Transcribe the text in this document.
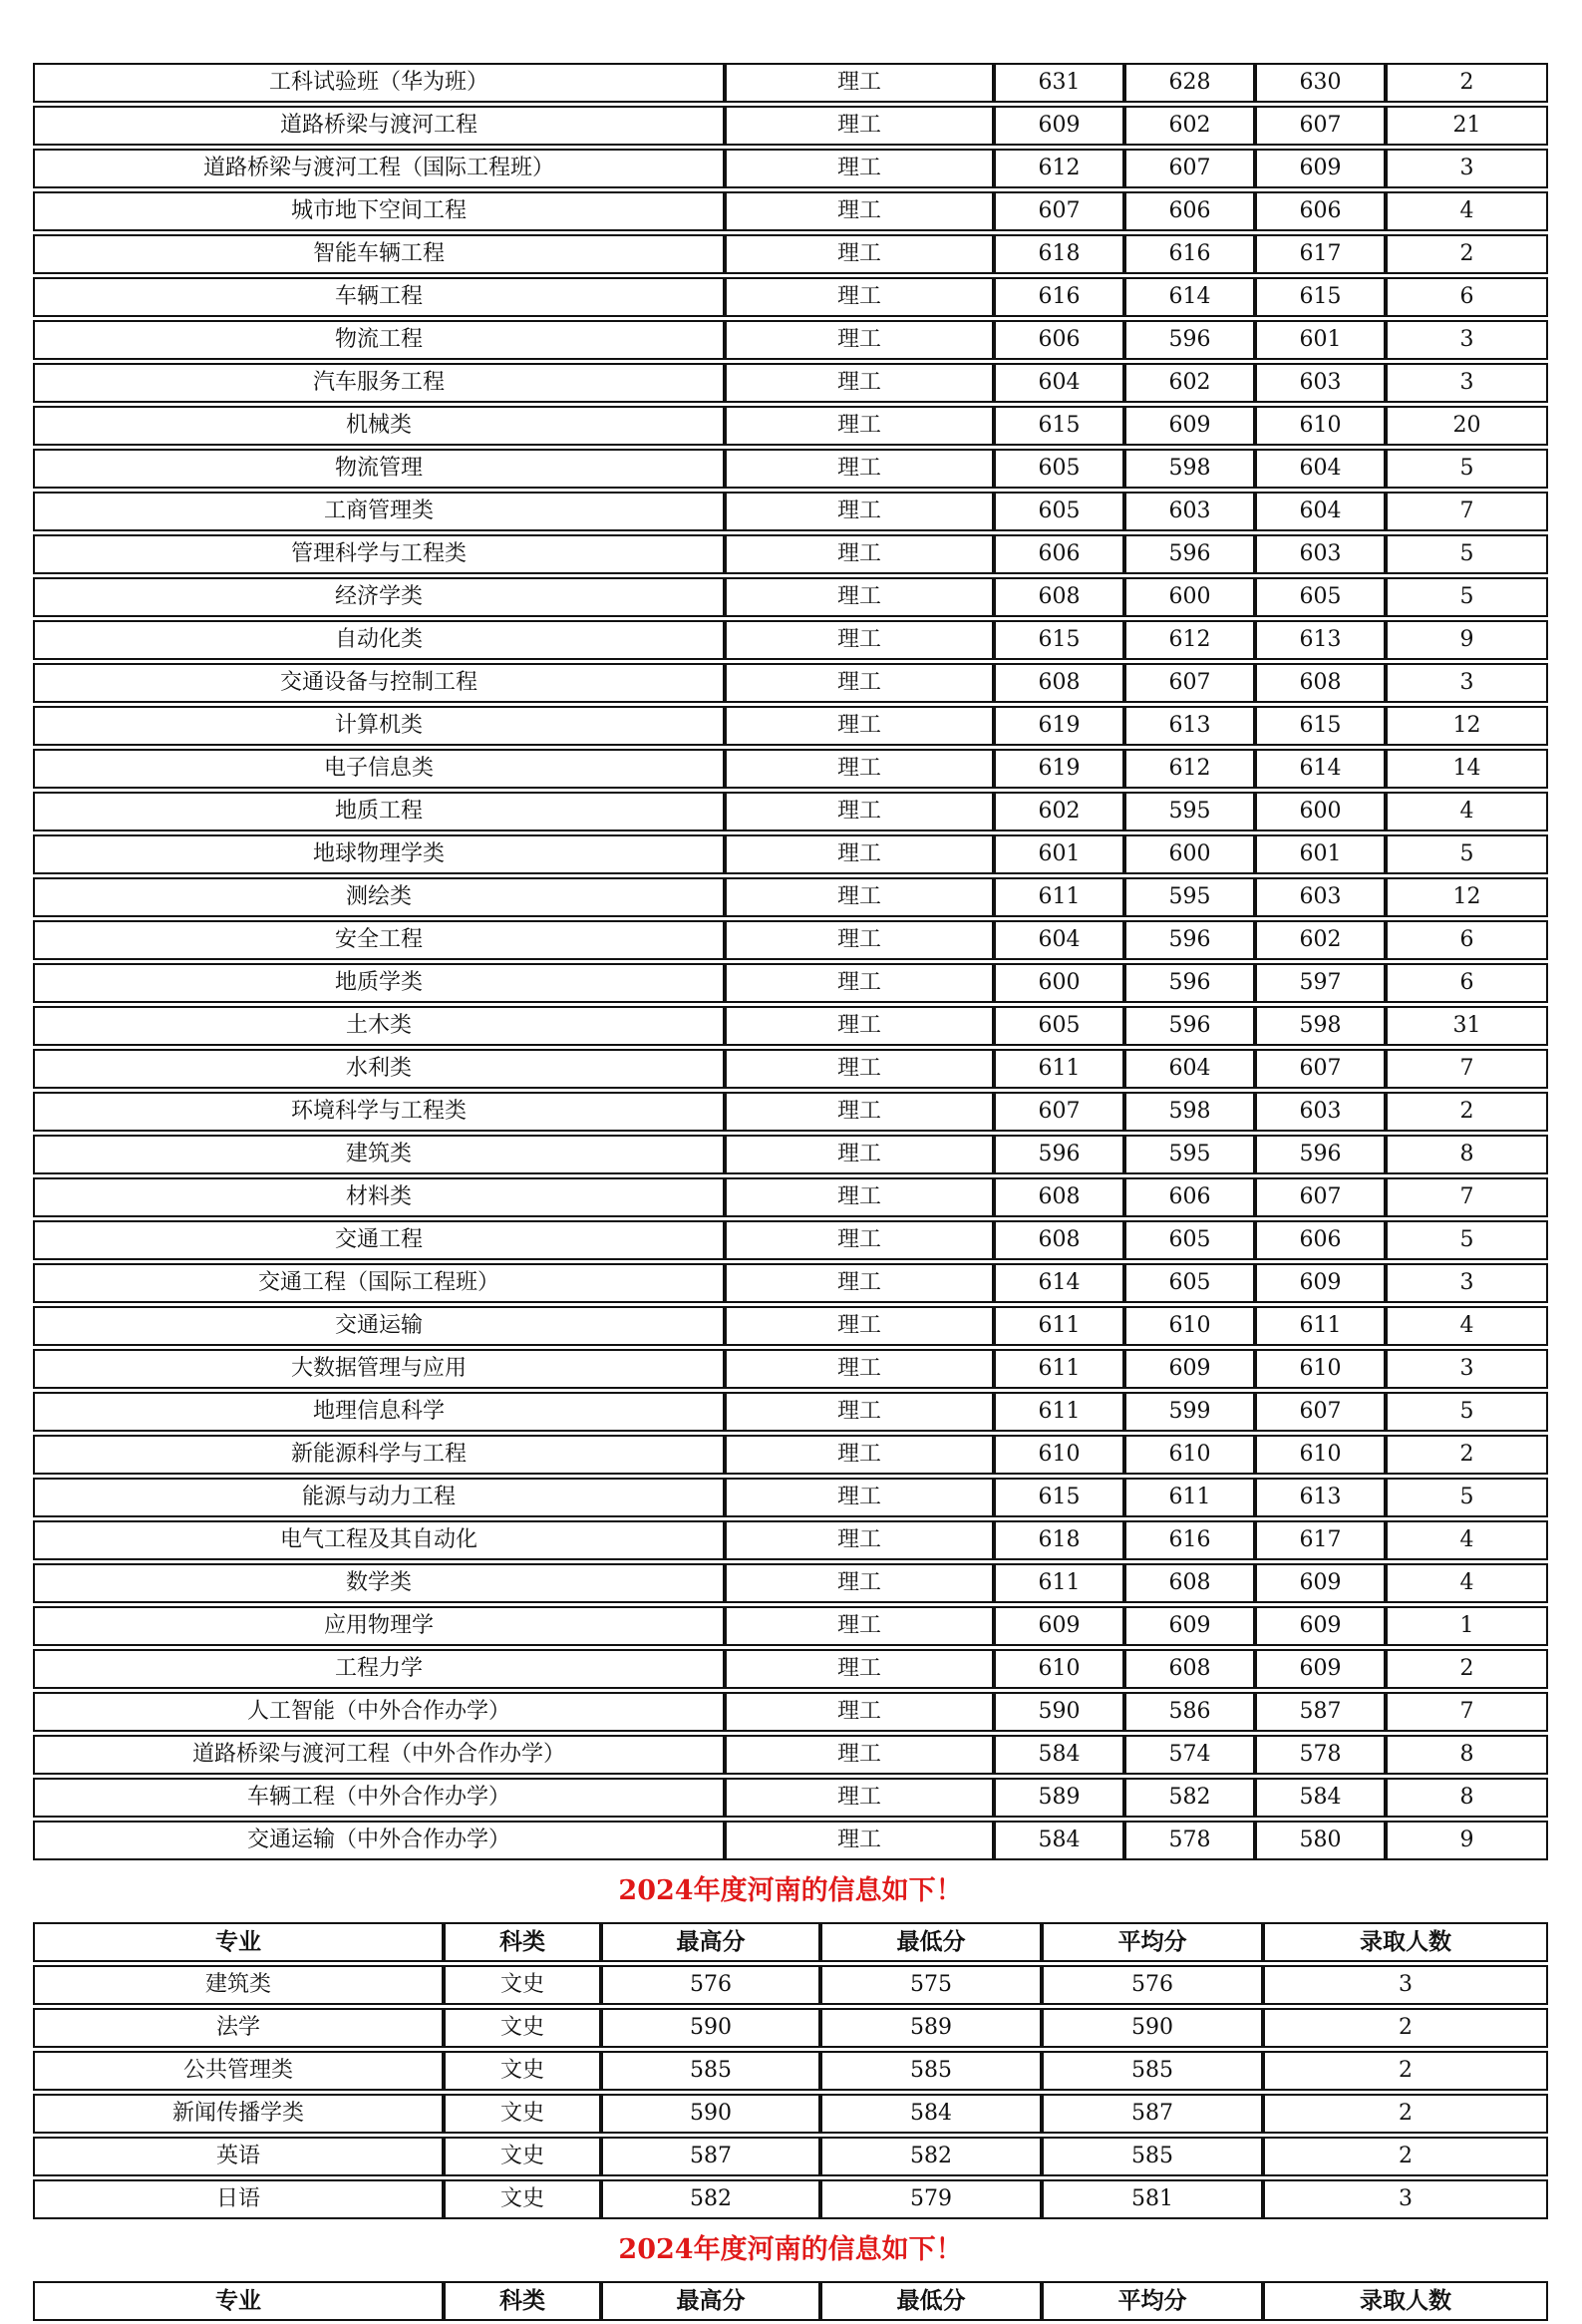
工科试验班（华为班）	理工	631	628	630	2
道路桥梁与渡河工程	理工	609	602	607	21
道路桥梁与渡河工程（国际工程班）	理工	612	607	609	3
城市地下空间工程	理工	607	606	606	4
智能车辆工程	理工	618	616	617	2
车辆工程	理工	616	614	615	6
物流工程	理工	606	596	601	3
汽车服务工程	理工	604	602	603	3
机械类	理工	615	609	610	20
物流管理	理工	605	598	604	5
工商管理类	理工	605	603	604	7
管理科学与工程类	理工	606	596	603	5
经济学类	理工	608	600	605	5
自动化类	理工	615	612	613	9
交通设备与控制工程	理工	608	607	608	3
计算机类	理工	619	613	615	12
电子信息类	理工	619	612	614	14
地质工程	理工	602	595	600	4
地球物理学类	理工	601	600	601	5
测绘类	理工	611	595	603	12
安全工程	理工	604	596	602	6
地质学类	理工	600	596	597	6
土木类	理工	605	596	598	31
水利类	理工	611	604	607	7
环境科学与工程类	理工	607	598	603	2
建筑类	理工	596	595	596	8
材料类	理工	608	606	607	7
交通工程	理工	608	605	606	5
交通工程（国际工程班）	理工	614	605	609	3
交通运输	理工	611	610	611	4
大数据管理与应用	理工	611	609	610	3
地理信息科学	理工	611	599	607	5
新能源科学与工程	理工	610	610	610	2
能源与动力工程	理工	615	611	613	5
电气工程及其自动化	理工	618	616	617	4
数学类	理工	611	608	609	4
应用物理学	理工	609	609	609	1
工程力学	理工	610	608	609	2
人工智能（中外合作办学）	理工	590	586	587	7
道路桥梁与渡河工程（中外合作办学）	理工	584	574	578	8
车辆工程（中外合作办学）	理工	589	582	584	8
交通运输（中外合作办学）	理工	584	578	580	9
2024年度河南的信息如下！
专业	科类	最高分	最低分	平均分	录取人数
建筑类	文史	576	575	576	3
法学	文史	590	589	590	2
公共管理类	文史	585	585	585	2
新闻传播学类	文史	590	584	587	2
英语	文史	587	582	585	2
日语	文史	582	579	581	3
2024年度河南的信息如下！
专业	科类	最高分	最低分	平均分	录取人数
